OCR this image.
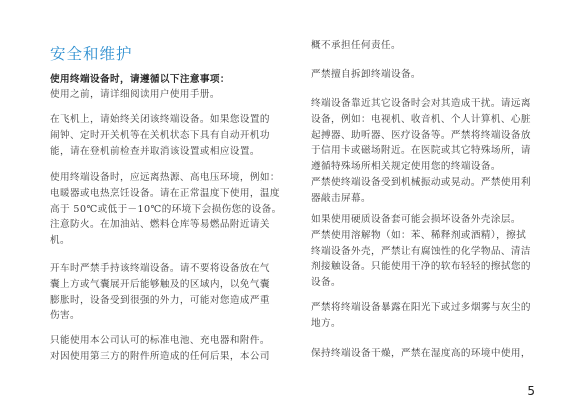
安全和维护

使用终端设备时，请遵循以下注意事项：

使用之前，请详细阅读用户使用手册。

在飞机上，请始终关闭该终端设备。如果您设置的
闹钟、定时开关机等在关机状态下具有自动开机功
能，请在登机前检查并取消该设置或相应设置。

使用终端设备时，应远离热源、高电压环境，例如：
电暖器或电热烹饪设备。请在正常温度下使用，温度
高于 50℃或低于－10℃的环境下会损伤您的设备。
注意防火。在加油站、燃料仓库等易燃品附近请关
机。

开车时严禁手持该终端设备。请不要将设备放在气
囊上方或气囊展开后能够触及的区域内，以免气囊
膨胀时，设备受到很强的外力，可能对您造成严重
伤害。

只能使用本公司认可的标准电池、充电器和附件。
对因使用第三方的附件所造成的任何后果，本公司

概不承担任何责任。

严禁擅自拆卸终端设备。

终端设备靠近其它设备时会对其造成干扰。请远离
设备，例如：电视机、收音机、个人计算机、心脏
起搏器、助听器、医疗设备等。严禁将终端设备放
于信用卡或磁场附近。在医院或其它特殊场所，请
遵循特殊场所相关规定使用您的终端设备。
严禁使终端设备受到机械振动或晃动。严禁使用利
器敲击屏幕。

如果使用硬质设备套可能会损坏设备外壳涂层。
严禁使用溶解物（如：苯、稀释剂或酒精），擦拭
终端设备外壳，严禁让有腐蚀性的化学物品、清洁
剂接触设备。只能使用干净的软布轻轻的擦拭您的
设备。

严禁将终端设备暴露在阳光下或过多烟雾与灰尘的
地方。

保持终端设备干燥，严禁在湿度高的环境中使用，

5
